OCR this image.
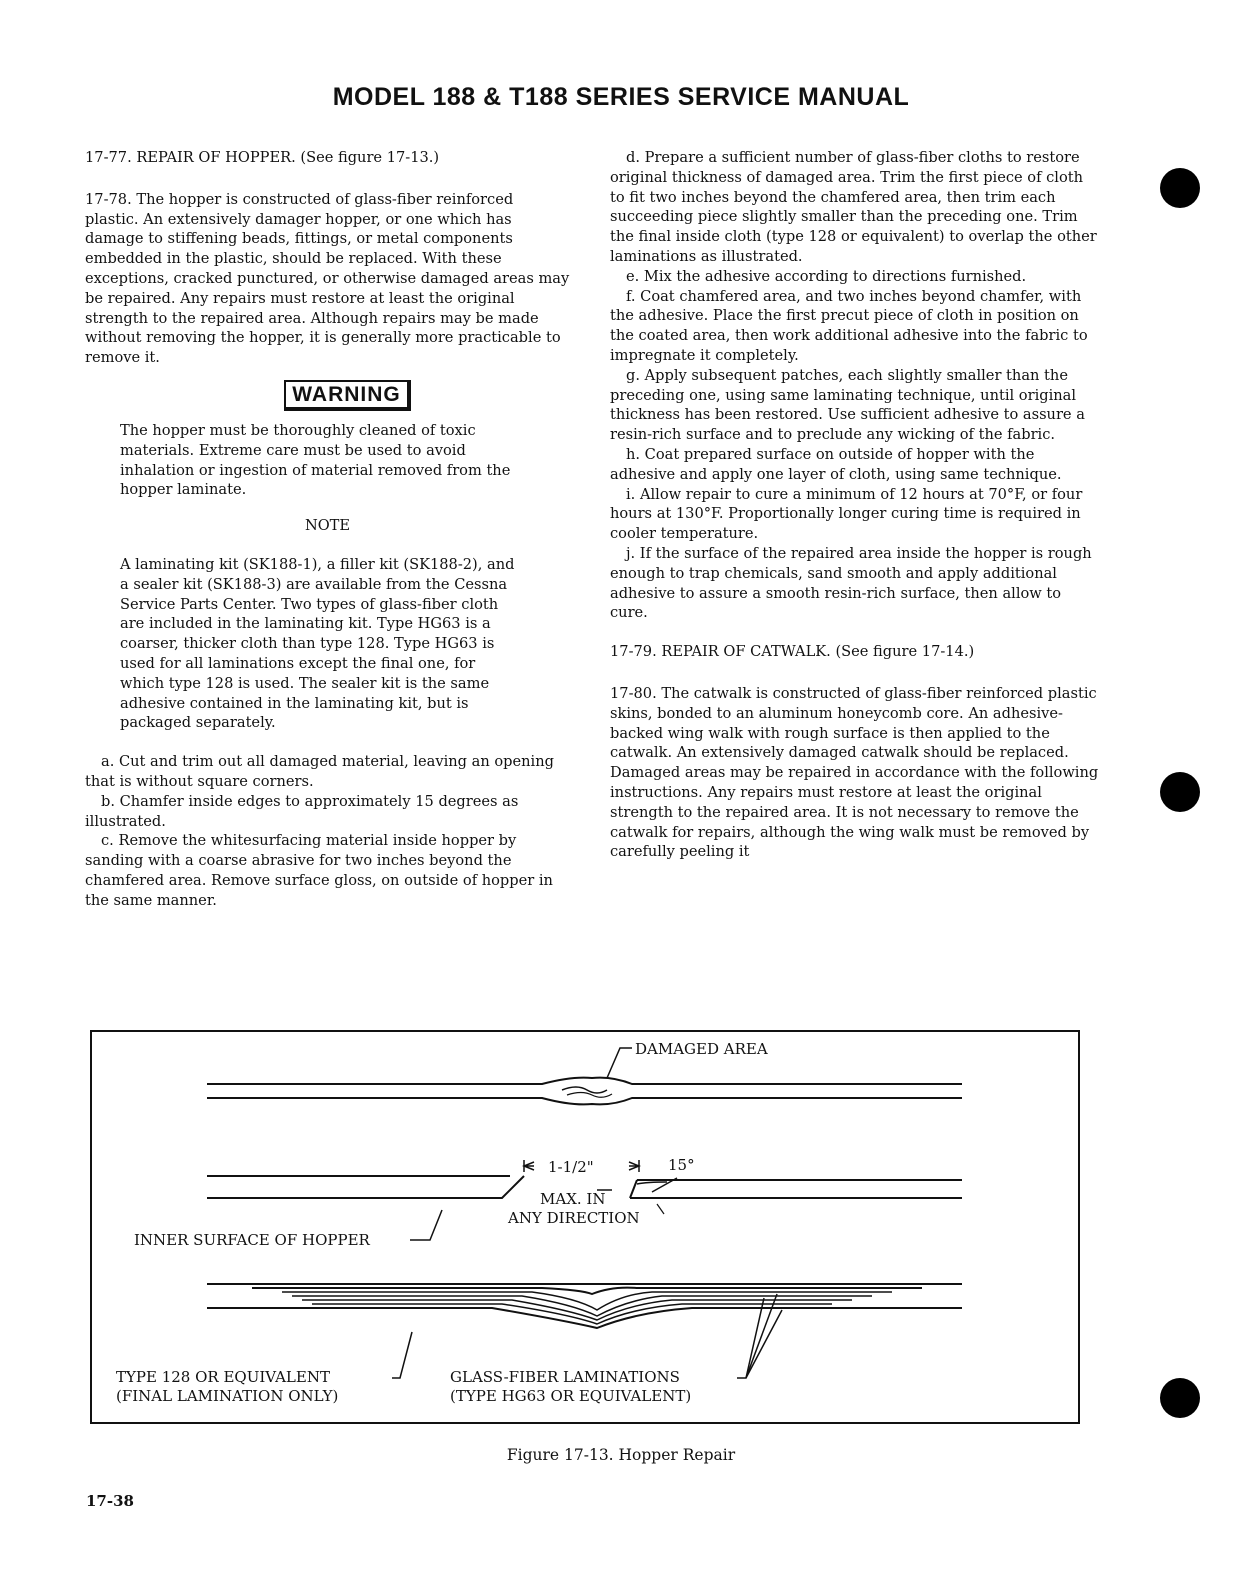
MODEL 188 & T188 SERIES SERVICE MANUAL

17-77. REPAIR OF HOPPER. (See figure 17-13.)

17-78. The hopper is constructed of glass-fiber reinforced plastic. An extensively damager hopper, or one which has damage to stiffening beads, fittings, or metal components embedded in the plastic, should be replaced. With these exceptions, cracked punctured, or otherwise damaged areas may be repaired. Any repairs must restore at least the original strength to the repaired area. Although repairs may be made without removing the hopper, it is generally more practicable to remove it.

WARNING

The hopper must be thoroughly cleaned of toxic materials. Extreme care must be used to avoid inhalation or ingestion of material removed from the hopper laminate.

NOTE

A laminating kit (SK188-1), a filler kit (SK188-2), and a sealer kit (SK188-3) are available from the Cessna Service Parts Center. Two types of glass-fiber cloth are included in the laminating kit. Type HG63 is a coarser, thicker cloth than type 128. Type HG63 is used for all laminations except the final one, for which type 128 is used. The sealer kit is the same adhesive contained in the laminating kit, but is packaged separately.

a. Cut and trim out all damaged material, leaving an opening that is without square corners.

b. Chamfer inside edges to approximately 15 degrees as illustrated.

c. Remove the whitesurfacing material inside hopper by sanding with a coarse abrasive for two inches beyond the chamfered area. Remove surface gloss, on outside of hopper in the same manner.

d. Prepare a sufficient number of glass-fiber cloths to restore original thickness of damaged area. Trim the first piece of cloth to fit two inches beyond the chamfered area, then trim each succeeding piece slightly smaller than the preceding one. Trim the final inside cloth (type 128 or equivalent) to overlap the other laminations as illustrated.

e. Mix the adhesive according to directions furnished.

f. Coat chamfered area, and two inches beyond chamfer, with the adhesive. Place the first precut piece of cloth in position on the coated area, then work additional adhesive into the fabric to impregnate it completely.

g. Apply subsequent patches, each slightly smaller than the preceding one, using same laminating technique, until original thickness has been restored. Use sufficient adhesive to assure a resin-rich surface and to preclude any wicking of the fabric.

h. Coat prepared surface on outside of hopper with the adhesive and apply one layer of cloth, using same technique.

i. Allow repair to cure a minimum of 12 hours at 70°F, or four hours at 130°F. Proportionally longer curing time is required in cooler temperature.

j. If the surface of the repaired area inside the hopper is rough enough to trap chemicals, sand smooth and apply additional adhesive to assure a smooth resin-rich surface, then allow to cure.

17-79. REPAIR OF CATWALK. (See figure 17-14.)

17-80. The catwalk is constructed of glass-fiber reinforced plastic skins, bonded to an aluminum honeycomb core. An adhesive-backed wing walk with rough surface is then applied to the catwalk. An extensively damaged catwalk should be replaced. Damaged areas may be repaired in accordance with the following instructions. Any repairs must restore at least the original strength to the repaired area. It is not necessary to remove the catwalk for repairs, although the wing walk must be removed by carefully peeling it

DAMAGED AREA
15°
1-1/2"
MAX. IN
ANY DIRECTION
INNER SURFACE OF HOPPER
TYPE 128 OR EQUIVALENT
(FINAL LAMINATION ONLY)
GLASS-FIBER LAMINATIONS
(TYPE HG63 OR EQUIVALENT)
Figure 17-13. Hopper Repair
17-38
